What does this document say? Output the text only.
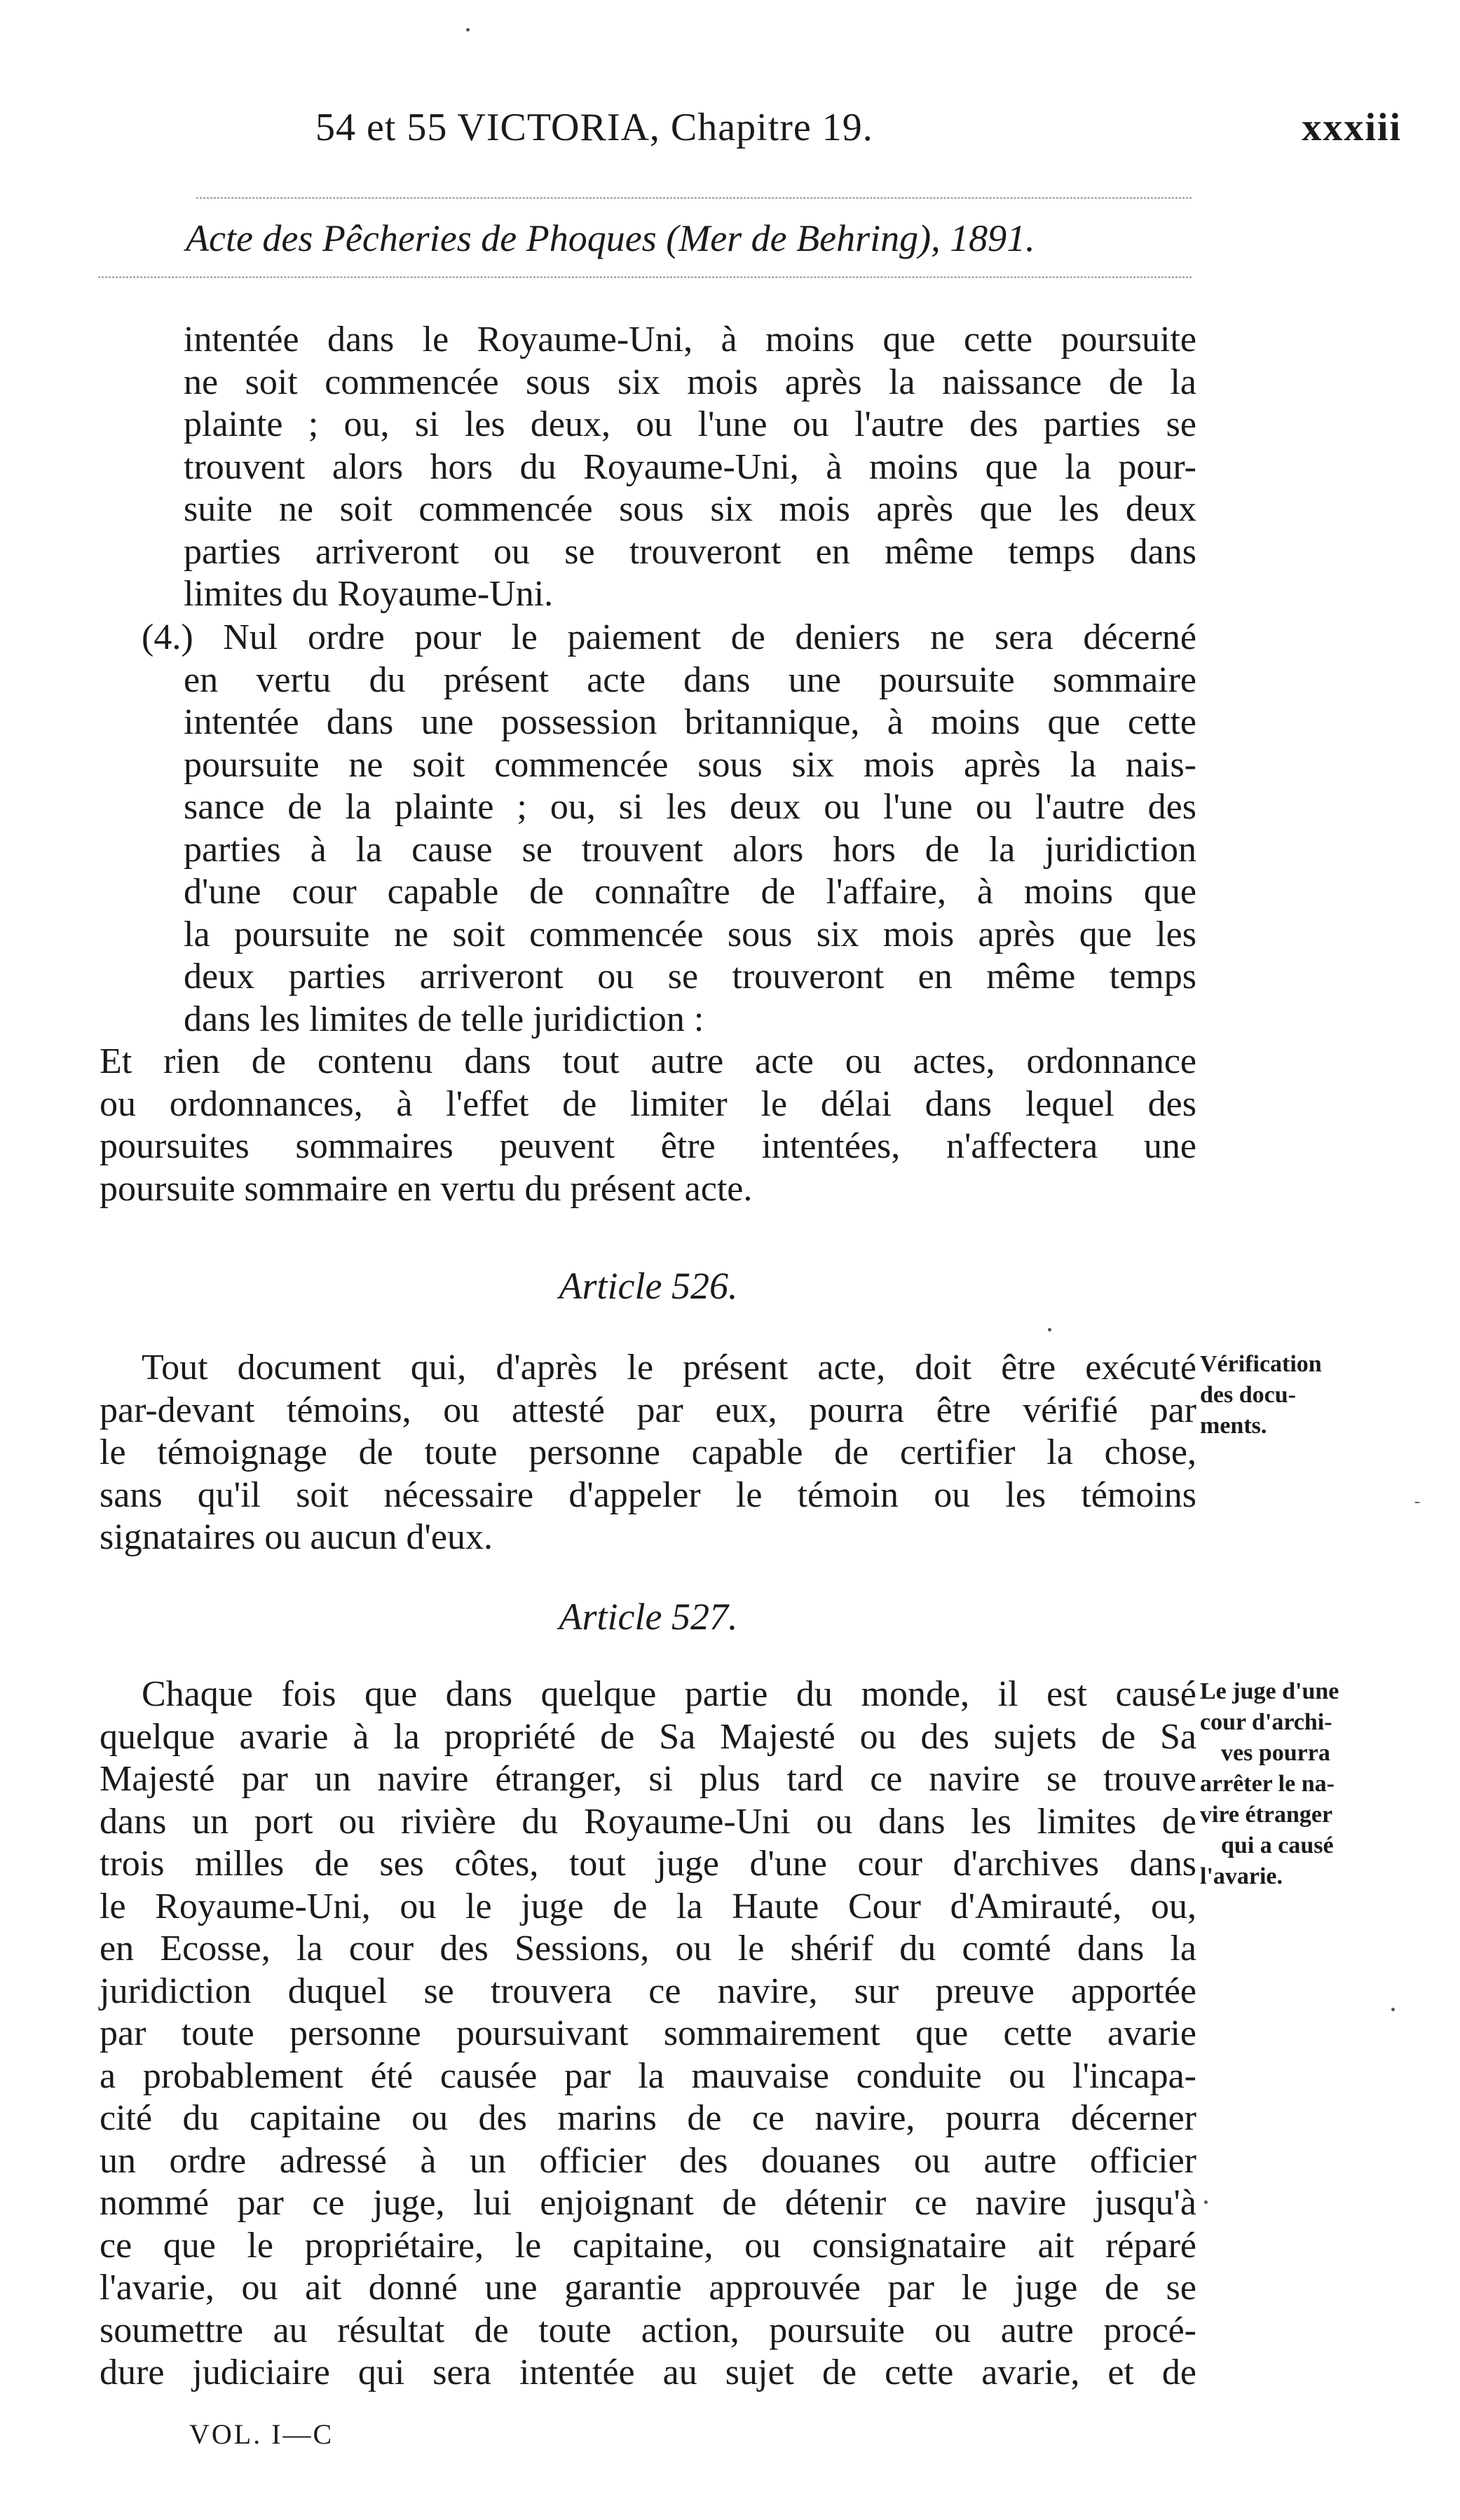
54 et 55 VICTORIA, Chapitre 19.	xxxiii
Acte des Pêcheries de Phoques (Mer de Behring), 1891.
intentée dans le Royaume-Uni, à moins que cette poursuite
ne soit commencée sous six mois après la naissance de la
plainte ; ou, si les deux, ou l'une ou l'autre des parties se
trouvent alors hors du Royaume-Uni, à moins que la pour-
suite ne soit commencée sous six mois après que les deux
parties arriveront ou se trouveront en même temps dans
limites du Royaume-Uni.
(4.) Nul ordre pour le paiement de deniers ne sera décerné
en vertu du présent acte dans une poursuite sommaire
intentée dans une possession britannique, à moins que cette
poursuite ne soit commencée sous six mois après la nais-
sance de la plainte ; ou, si les deux ou l'une ou l'autre des
parties à la cause se trouvent alors hors de la juridiction
d'une cour capable de connaître de l'affaire, à moins que
la poursuite ne soit commencée sous six mois après que les
deux parties arriveront ou se trouveront en même temps
dans les limites de telle juridiction :
Et rien de contenu dans tout autre acte ou actes, ordonnance
ou ordonnances, à l'effet de limiter le délai dans lequel des
poursuites sommaires peuvent être intentées, n'affectera une
poursuite sommaire en vertu du présent acte.
Article 526.
Tout document qui, d'après le présent acte, doit être exécuté
par-devant témoins, ou attesté par eux, pourra être vérifié par
le témoignage de toute personne capable de certifier la chose,
sans qu'il soit nécessaire d'appeler le témoin ou les témoins
signataires ou aucun d'eux.
Vérification
des docu-
ments.
Article 527.
Chaque fois que dans quelque partie du monde, il est causé
quelque avarie à la propriété de Sa Majesté ou des sujets de Sa
Majesté par un navire étranger, si plus tard ce navire se trouve
dans un port ou rivière du Royaume-Uni ou dans les limites de
trois milles de ses côtes, tout juge d'une cour d'archives dans
le Royaume-Uni, ou le juge de la Haute Cour d'Amirauté, ou,
en Ecosse, la cour des Sessions, ou le shérif du comté dans la
juridiction duquel se trouvera ce navire, sur preuve apportée
par toute personne poursuivant sommairement que cette avarie
a probablement été causée par la mauvaise conduite ou l'incapa-
cité du capitaine ou des marins de ce navire, pourra décerner
un ordre adressé à un officier des douanes ou autre officier
nommé par ce juge, lui enjoignant de détenir ce navire jusqu'à
ce que le propriétaire, le capitaine, ou consignataire ait réparé
l'avarie, ou ait donné une garantie approuvée par le juge de se
soumettre au résultat de toute action, poursuite ou autre procé-
dure judiciaire qui sera intentée au sujet de cette avarie, et de
Le juge d'une
cour d'archi-
ves pourra
arrêter le na-
vire étranger
qui a causé
l'avarie.
VOL. I—C
